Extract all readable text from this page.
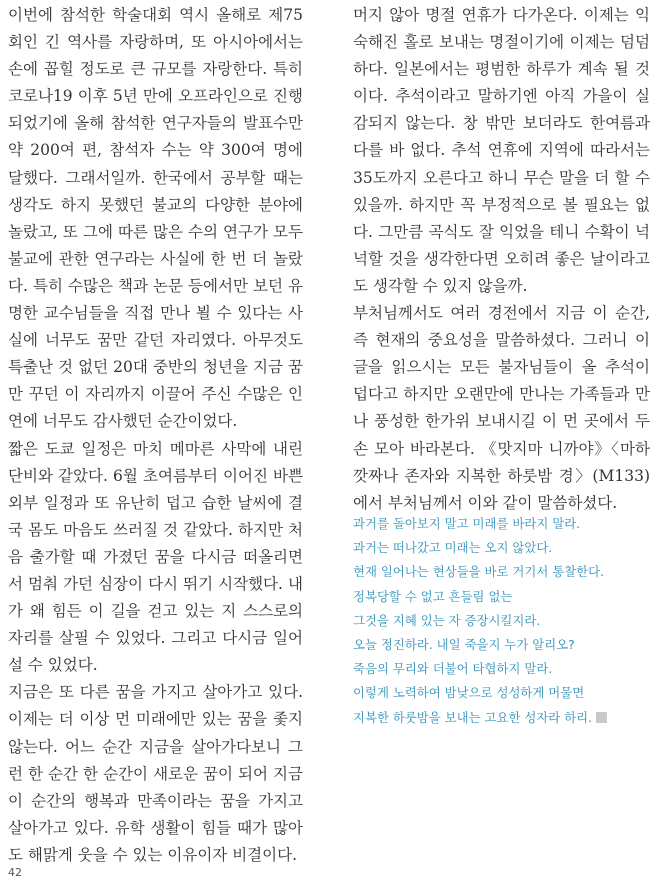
이번에 참석한 학술대회 역시 올해로 제75회인 긴 역사를 자랑하며, 또 아시아에서는 손에 꼽힐 정도로 큰 규모를 자랑한다. 특히 코로나19 이후 5년 만에 오프라인으로 진행되었기에 올해 참석한 연구자들의 발표수만 약 200여 편, 참석자 수는 약 300여 명에 달했다. 그래서일까. 한국에서 공부할 때는 생각도 하지 못했던 불교의 다양한 분야에 놀랐고, 또 그에 따른 많은 수의 연구가 모두 불교에 관한 연구라는 사실에 한 번 더 놀랐다. 특히 수많은 책과 논문 등에서만 보던 유명한 교수님들을 직접 만나 뵐 수 있다는 사실에 너무도 꿈만 같던 자리였다. 아무것도 특출난 것 없던 20대 중반의 청년을 지금 꿈만 꾸던 이 자리까지 이끌어 주신 수많은 인연에 너무도 감사했던 순간이었다.

짧은 도쿄 일정은 마치 메마른 사막에 내린 단비와 같았다. 6월 초여름부터 이어진 바쁜 외부 일정과 또 유난히 덥고 습한 날씨에 결국 몸도 마음도 쓰러질 것 같았다. 하지만 처음 출가할 때 가졌던 꿈을 다시금 떠올리면서 멈춰 가던 심장이 다시 뛰기 시작했다. 내가 왜 힘든 이 길을 걷고 있는 지 스스로의 자리를 살필 수 있었다. 그리고 다시금 일어설 수 있었다.

지금은 또 다른 꿈을 가지고 살아가고 있다. 이제는 더 이상 먼 미래에만 있는 꿈을 좇지 않는다. 어느 순간 지금을 살아가다보니 그런 한 순간 한 순간이 새로운 꿈이 되어 지금 이 순간의 행복과 만족이라는 꿈을 가지고 살아가고 있다. 유학 생활이 힘들 때가 많아도 해맑게 웃을 수 있는 이유이자 비결이다.

머지 않아 명절 연휴가 다가온다. 이제는 익숙해진 홀로 보내는 명절이기에 이제는 덤덤하다. 일본에서는 평범한 하루가 계속 될 것이다. 추석이라고 말하기엔 아직 가을이 실감되지 않는다. 창 밖만 보더라도 한여름과 다를 바 없다. 추석 연휴에 지역에 따라서는 35도까지 오른다고 하니 무슨 말을 더 할 수 있을까. 하지만 꼭 부정적으로 볼 필요는 없다. 그만큼 곡식도 잘 익었을 테니 수확이 넉넉할 것을 생각한다면 오히려 좋은 날이라고도 생각할 수 있지 않을까.

부처님께서도 여러 경전에서 지금 이 순간, 즉 현재의 중요성을 말씀하셨다. 그러니 이 글을 읽으시는 모든 불자님들이 올 추석이 덥다고 하지만 오랜만에 만나는 가족들과 만나 풍성한 한가위 보내시길 이 먼 곳에서 두 손 모아 바라본다. 《맛지마 니까야》〈마하깟짜나 존자와 지복한 하룻밤 경〉(M133)에서 부처님께서 이와 같이 말씀하셨다.

과거를 돌아보지 말고 미래를 바라지 말라.
과거는 떠나갔고 미래는 오지 않았다.
현재 일어나는 현상들을 바로 거기서 통찰한다.
정복당할 수 없고 흔들림 없는
그것을 지혜 있는 자 증장시킬지라.
오늘 정진하라. 내일 죽을지 누가 알리오?
죽음의 무리와 더불어 타협하지 말라.
이렇게 노력하여 밤낮으로 성성하게 머물면
지복한 하룻밤을 보내는 고요한 성자라 하리.
42
